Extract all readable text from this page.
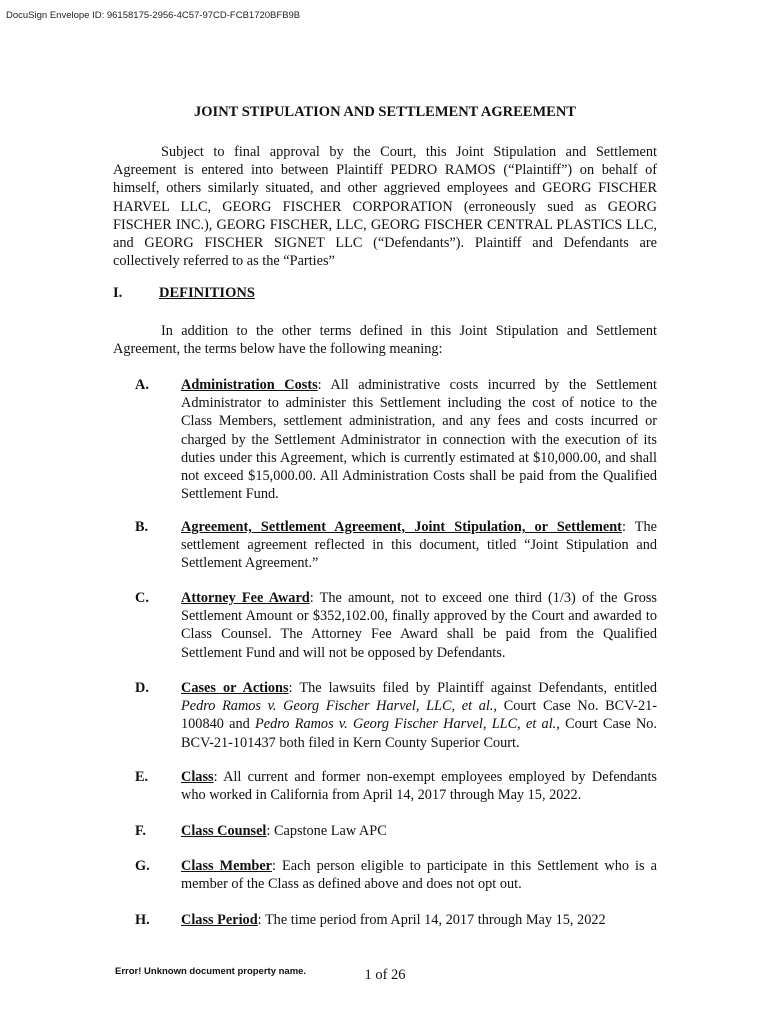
DocuSign Envelope ID: 96158175-2956-4C57-97CD-FCB1720BFB9B
JOINT STIPULATION AND SETTLEMENT AGREEMENT
Subject to final approval by the Court, this Joint Stipulation and Settlement Agreement is entered into between Plaintiff PEDRO RAMOS (“Plaintiff”) on behalf of himself, others similarly situated, and other aggrieved employees and GEORG FISCHER HARVEL LLC, GEORG FISCHER CORPORATION (erroneously sued as GEORG FISCHER INC.), GEORG FISCHER, LLC, GEORG FISCHER CENTRAL PLASTICS LLC, and GEORG FISCHER SIGNET LLC (“Defendants”). Plaintiff and Defendants are collectively referred to as the “Parties”
I.	DEFINITIONS
In addition to the other terms defined in this Joint Stipulation and Settlement Agreement, the terms below have the following meaning:
A. Administration Costs: All administrative costs incurred by the Settlement Administrator to administer this Settlement including the cost of notice to the Class Members, settlement administration, and any fees and costs incurred or charged by the Settlement Administrator in connection with the execution of its duties under this Agreement, which is currently estimated at $10,000.00, and shall not exceed $15,000.00. All Administration Costs shall be paid from the Qualified Settlement Fund.
B. Agreement, Settlement Agreement, Joint Stipulation, or Settlement: The settlement agreement reflected in this document, titled “Joint Stipulation and Settlement Agreement.”
C. Attorney Fee Award: The amount, not to exceed one third (1/3) of the Gross Settlement Amount or $352,102.00, finally approved by the Court and awarded to Class Counsel. The Attorney Fee Award shall be paid from the Qualified Settlement Fund and will not be opposed by Defendants.
D. Cases or Actions: The lawsuits filed by Plaintiff against Defendants, entitled Pedro Ramos v. Georg Fischer Harvel, LLC, et al., Court Case No. BCV-21-100840 and Pedro Ramos v. Georg Fischer Harvel, LLC, et al., Court Case No. BCV-21-101437 both filed in Kern County Superior Court.
E. Class: All current and former non-exempt employees employed by Defendants who worked in California from April 14, 2017 through May 15, 2022.
F. Class Counsel: Capstone Law APC
G. Class Member: Each person eligible to participate in this Settlement who is a member of the Class as defined above and does not opt out.
H. Class Period: The time period from April 14, 2017 through May 15, 2022
Error! Unknown document property name.	1 of 26
